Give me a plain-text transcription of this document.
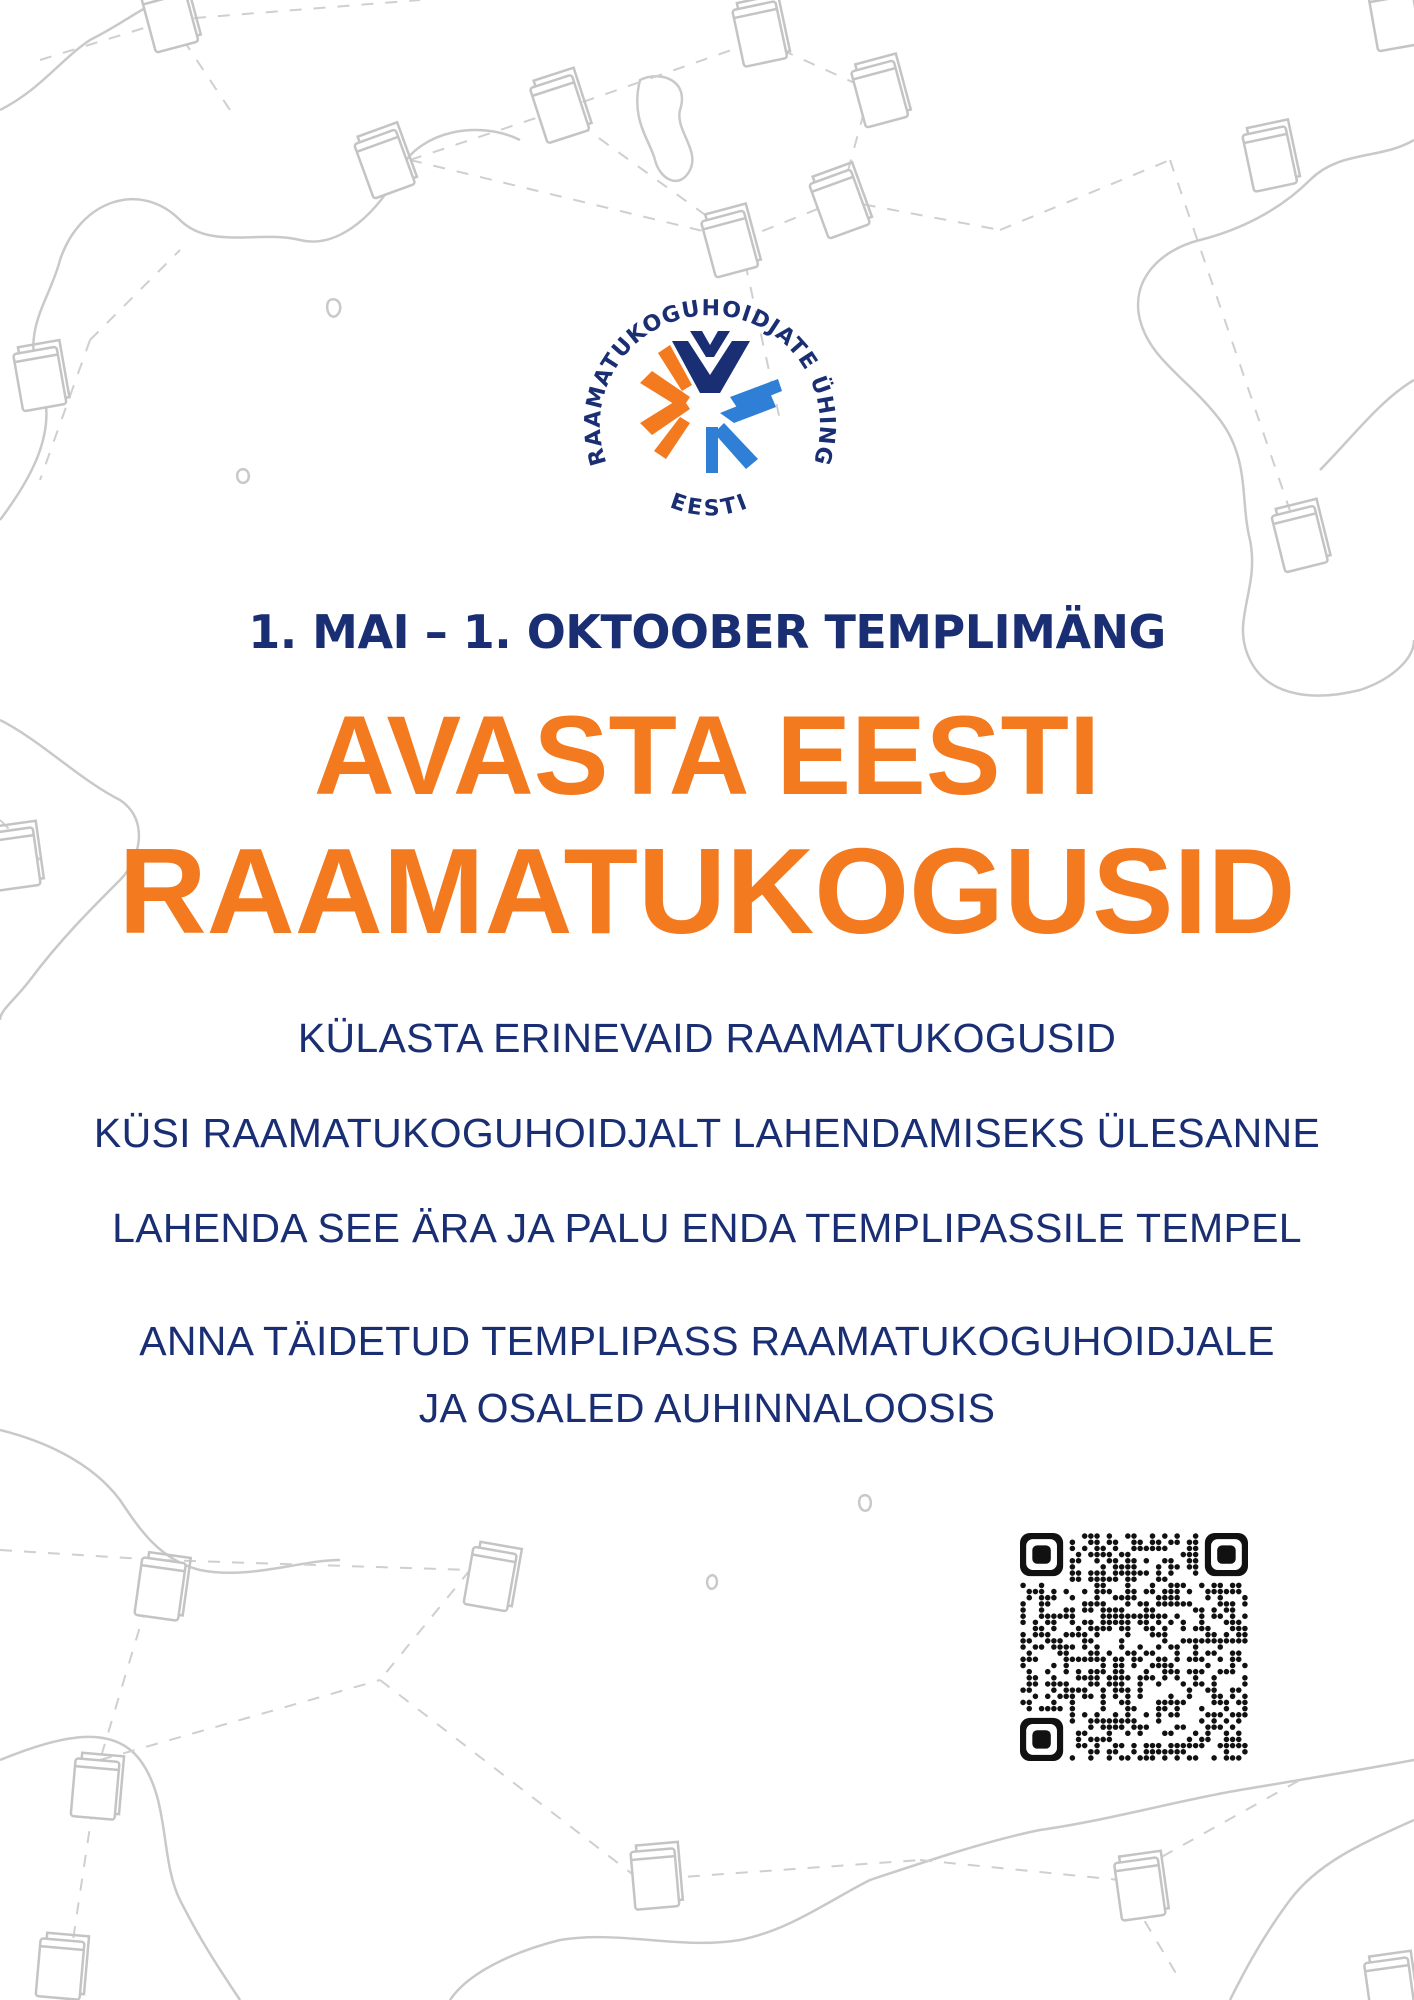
RAAMATUKOGUHOIDJATE ÜHING
EESTI
1. MAI – 1. OKTOOBER TEMPLIMÄNG
AVASTA EESTI
RAAMATUKOGUSID
KÜLASTA ERINEVAID RAAMATUKOGUSID
KÜSI RAAMATUKOGUHOIDJALT LAHENDAMISEKS ÜLESANNE
LAHENDA SEE ÄRA JA PALU ENDA TEMPLIPASSILE TEMPEL
ANNA TÄIDETUD TEMPLIPASS RAAMATUKOGUHOIDJALE
JA OSALED AUHINNALOOSIS
